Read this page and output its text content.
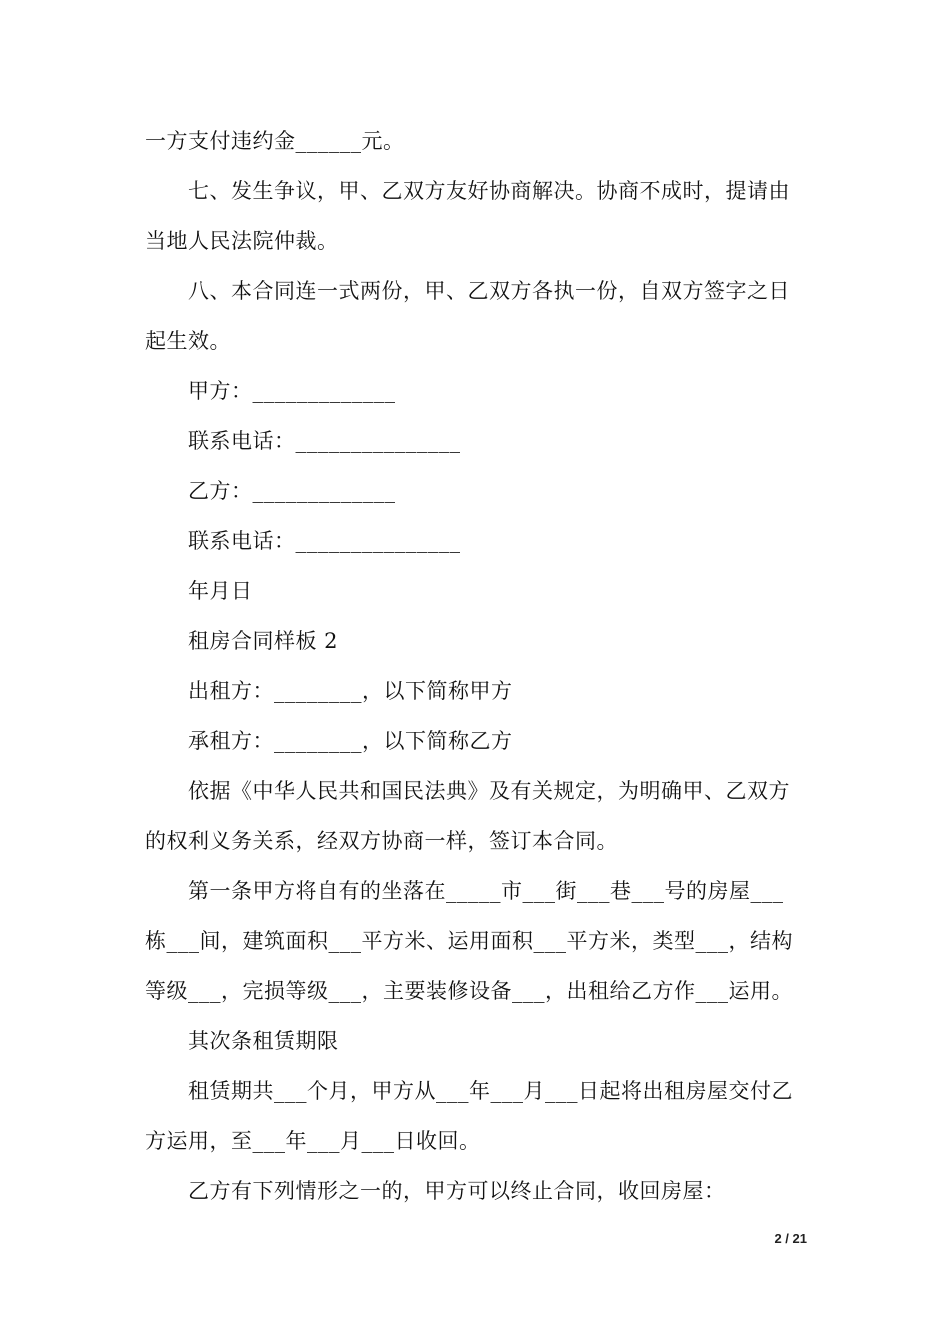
一方支付违约金______元。
七、发生争议，甲、乙双方友好协商解决。协商不成时，提请由
当地人民法院仲裁。
八、本合同连一式两份，甲、乙双方各执一份，自双方签字之日
起生效。
甲方：_____________
联系电话：_______________
乙方：_____________
联系电话：_______________
年月日
租房合同样板 2
出租方：________，以下简称甲方
承租方：________，以下简称乙方
依据《中华人民共和国民法典》及有关规定，为明确甲、乙双方
的权利义务关系，经双方协商一样，签订本合同。
第一条甲方将自有的坐落在_____市___街___巷___号的房屋___
栋___间，建筑面积___平方米、运用面积___平方米，类型___，结构
等级___，完损等级___，主要装修设备___，出租给乙方作___运用。
其次条租赁期限
租赁期共___个月，甲方从___年___月___日起将出租房屋交付乙
方运用，至___年___月___日收回。
乙方有下列情形之一的，甲方可以终止合同，收回房屋：
2 / 21
